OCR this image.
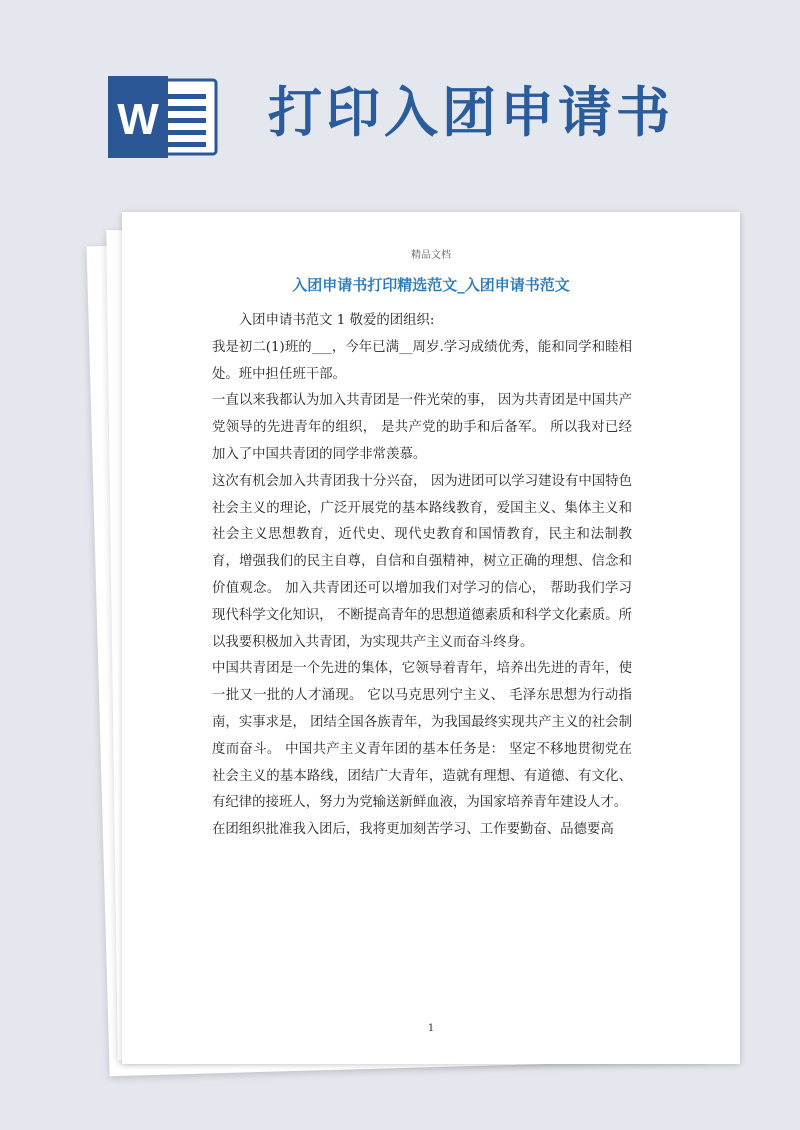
W 打印入团申请书
精品文档
入团申请书打印精选范文_入团申请书范文

入团申请书范文 1 敬爱的团组织:

我是初二(1)班的___，今年已满__周岁.学习成绩优秀，能和同学和睦相处。班中担任班干部。

一直以来我都认为加入共青团是一件光荣的事， 因为共青团是中国共产党领导的先进青年的组织， 是共产党的助手和后备军。 所以我对已经加入了中国共青团的同学非常羡慕。

这次有机会加入共青团我十分兴奋， 因为进团可以学习建设有中国特色社会主义的理论，广泛开展党的基本路线教育，爱国主义、集体主义和社会主义思想教育，近代史、现代史教育和国情教育，民主和法制教育，增强我们的民主自尊，自信和自强精神，树立正确的理想、信念和价值观念。 加入共青团还可以增加我们对学习的信心， 帮助我们学习现代科学文化知识， 不断提高青年的思想道德素质和科学文化素质。所以我要积极加入共青团，为实现共产主义而奋斗终身。

中国共青团是一个先进的集体，它领导着青年，培养出先进的青年，使一批又一批的人才涌现。 它以马克思列宁主义、 毛泽东思想为行动指南，实事求是， 团结全国各族青年，为我国最终实现共产主义的社会制度而奋斗。 中国共产主义青年团的基本任务是： 坚定不移地贯彻党在社会主义的基本路线，团结广大青年，造就有理想、有道德、有文化、有纪律的接班人，努力为党输送新鲜血液，为国家培养青年建设人才。

在团组织批准我入团后，我将更加刻苦学习、工作要勤奋、品德要高

1
